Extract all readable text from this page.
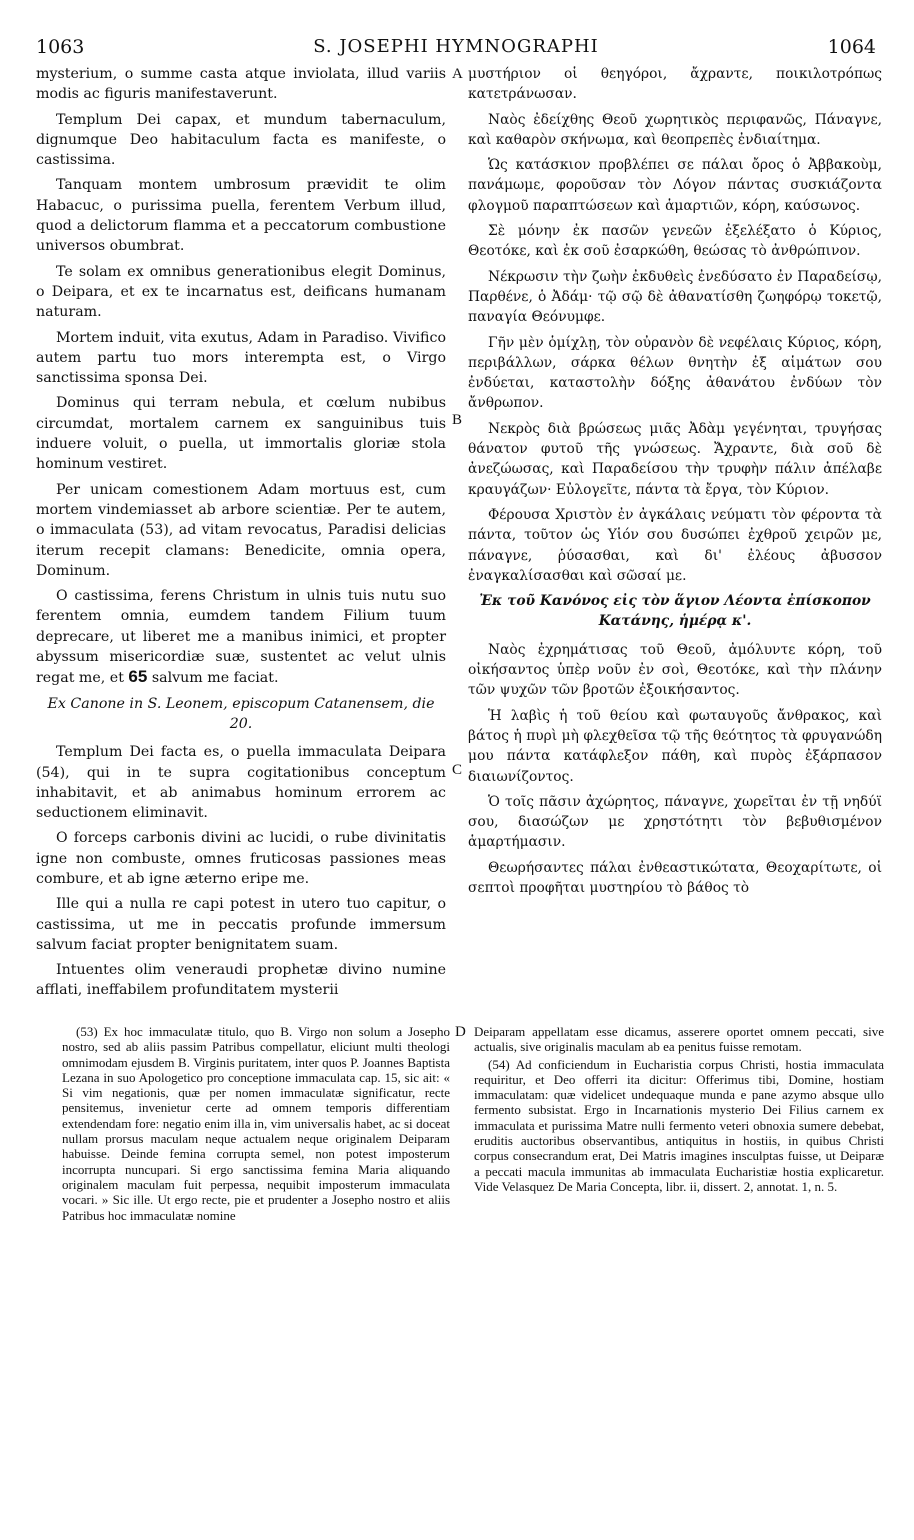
1063	S. JOSEPHI HYMNOGRAPHI	1064
A
B
C
D

mysterium, o summe casta atque inviolata, illud variis modis ac figuris manifestaverunt.

Templum Dei capax, et mundum tabernaculum, dignumque Deo habitaculum facta es manifeste, o castissima.

Tanquam montem umbrosum prævidit te olim Habacuc, o purissima puella, ferentem Verbum illud, quod a delictorum flamma et a peccatorum combustione universos obumbrat.

Te solam ex omnibus generationibus elegit Dominus, o Deipara, et ex te incarnatus est, deificans humanam naturam.

Mortem induit, vita exutus, Adam in Paradiso. Vivifico autem partu tuo mors interempta est, o Virgo sanctissima sponsa Dei.

Dominus qui terram nebula, et cœlum nubibus circumdat, mortalem carnem ex sanguinibus tuis induere voluit, o puella, ut immortalis gloriæ stola hominum vestiret.

Per unicam comestionem Adam mortuus est, cum mortem vindemiasset ab arbore scientiæ. Per te autem, o immaculata (53), ad vitam revocatus, Paradisi delicias iterum recepit clamans: Benedicite, omnia opera, Dominum.

O castissima, ferens Christum in ulnis tuis nutu suo ferentem omnia, eumdem tandem Filium tuum deprecare, ut liberet me a manibus inimici, et propter abyssum misericordiæ suæ, sustentet ac velut ulnis regat me, et 65 salvum me faciat.

Ex Canone in S. Leonem, episcopum Catanensem, die 20.

Templum Dei facta es, o puella immaculata Deipara (54), qui in te supra cogitationibus conceptum inhabitavit, et ab animabus hominum errorem ac seductionem eliminavit.

O forceps carbonis divini ac lucidi, o rube divinitatis igne non combuste, omnes fruticosas passiones meas combure, et ab igne æterno eripe me.

Ille qui a nulla re capi potest in utero tuo capitur, o castissima, ut me in peccatis profunde immersum salvum faciat propter benignitatem suam.

Intuentes olim veneraudi prophetæ divino numine afflati, ineffabilem profunditatem mysterii

μυστήριον οἱ θεηγόροι, ἄχραντε, ποικιλοτρόπως κατετράνωσαν.

Ναὸς ἐδείχθης Θεοῦ χωρητικὸς περιφανῶς, Πάναγνε, καὶ καθαρὸν σκήνωμα, καὶ θεοπρεπὲς ἐνδιαίτημα.

Ὡς κατάσκιον προβλέπει σε πάλαι ὄρος ὁ Ἀββακοὺμ, πανάμωμε, φοροῦσαν τὸν Λόγον πάντας συσκιάζοντα φλογμοῦ παραπτώσεων καὶ ἁμαρτιῶν, κόρη, καύσωνος.

Σὲ μόνην ἐκ πασῶν γενεῶν ἐξελέξατο ὁ Κύριος, Θεοτόκε, καὶ ἐκ σοῦ ἐσαρκώθη, θεώσας τὸ ἀνθρώπινον.

Νέκρωσιν τὴν ζωὴν ἐκδυθεὶς ἐνεδύσατο ἐν Παραδείσῳ, Παρθένε, ὁ Ἀδάμ· τῷ σῷ δὲ ἀθανατίσθη ζωηφόρῳ τοκετῷ, παναγία Θεόνυμφε.

Γῆν μὲν ὁμίχλῃ, τὸν οὐρανὸν δὲ νεφέλαις Κύριος, κόρη, περιβάλλων, σάρκα θέλων θνητὴν ἐξ αἱμάτων σου ἐνδύεται, καταστολὴν δόξης ἀθανάτου ἐνδύων τὸν ἄνθρωπον.

Νεκρὸς διὰ βρώσεως μιᾶς Ἀδὰμ γεγένηται, τρυγήσας θάνατον φυτοῦ τῆς γνώσεως. Ἄχραντε, διὰ σοῦ δὲ ἀνεζώωσας, καὶ Παραδείσου τὴν τρυφὴν πάλιν ἀπέλαβε κραυγάζων· Εὐλογεῖτε, πάντα τὰ ἔργα, τὸν Κύριον.

Φέρουσα Χριστὸν ἐν ἀγκάλαις νεύματι τὸν φέροντα τὰ πάντα, τοῦτον ὡς Υἱόν σου δυσώπει ἐχθροῦ χειρῶν με, πάναγνε, ῥύσασθαι, καὶ δι' ἐλέους ἀβυσσον ἐναγκαλίσασθαι καὶ σῶσαί με.

Ἐκ τοῦ Κανόνος εἰς τὸν ἅγιον Λέοντα ἐπίσκοπον Κατάνης, ἡμέρᾳ κ'.

Ναὸς ἐχρημάτισας τοῦ Θεοῦ, ἀμόλυντε κόρη, τοῦ οἰκήσαντος ὑπὲρ νοῦν ἐν σοὶ, Θεοτόκε, καὶ τὴν πλάνην τῶν ψυχῶν τῶν βροτῶν ἐξοικήσαντος.

Ἡ λαβὶς ἡ τοῦ θείου καὶ φωταυγοῦς ἄνθρακος, καὶ βάτος ἡ πυρὶ μὴ φλεχθεῖσα τῷ τῆς θεότητος τὰ φρυγανώδη μου πάντα κατάφλεξον πάθη, καὶ πυρὸς ἐξάρπασον διαιωνίζοντος.

Ὁ τοῖς πᾶσιν ἀχώρητος, πάναγνε, χωρεῖται ἐν τῇ νηδύϊ σου, διασώζων με χρηστότητι τὸν βεβυθισμένον ἁμαρτήμασιν.

Θεωρήσαντες πάλαι ἐνθεαστικώτατα, Θεοχαρίτωτε, οἱ σεπτοὶ προφῆται μυστηρίου τὸ βάθος τὸ

(53) Ex hoc immaculatæ titulo, quo B. Virgo non solum a Josepho nostro, sed ab aliis passim Patribus compellatur, eliciunt multi theologi omnimodam ejusdem B. Virginis puritatem, inter quos P. Joannes Baptista Lezana in suo Apologetico pro conceptione immaculata cap. 15, sic ait: « Si vim negationis, quæ per nomen immaculatæ significatur, recte pensitemus, invenietur certe ad omnem temporis differentiam extendendam fore: negatio enim illa in, vim universalis habet, ac si doceat nullam prorsus maculam neque actualem neque originalem Deiparam habuisse. Deinde femina corrupta semel, non potest imposterum incorrupta nuncupari. Si ergo sanctissima femina Maria aliquando originalem maculam fuit perpessa, nequibit imposterum immaculata vocari. » Sic ille. Ut ergo recte, pie et prudenter a Josepho nostro et aliis Patribus hoc immaculatæ nomine

Deiparam appellatam esse dicamus, asserere oportet omnem peccati, sive actualis, sive originalis maculam ab ea penitus fuisse remotam.

(54) Ad conficiendum in Eucharistia corpus Christi, hostia immaculata requiritur, et Deo offerri ita dicitur: Offerimus tibi, Domine, hostiam immaculatam: quæ videlicet undequaque munda e pane azymo absque ullo fermento subsistat. Ergo in Incarnationis mysterio Dei Filius carnem ex immaculata et purissima Matre nulli fermento veteri obnoxia sumere debebat, eruditis auctoribus observantibus, antiquitus in hostiis, in quibus Christi corpus consecrandum erat, Dei Matris imagines insculptas fuisse, ut Deiparæ a peccati macula immunitas ab immaculata Eucharistiæ hostia explicaretur. Vide Velasquez De Maria Concepta, libr. ii, dissert. 2, annotat. 1, n. 5.
